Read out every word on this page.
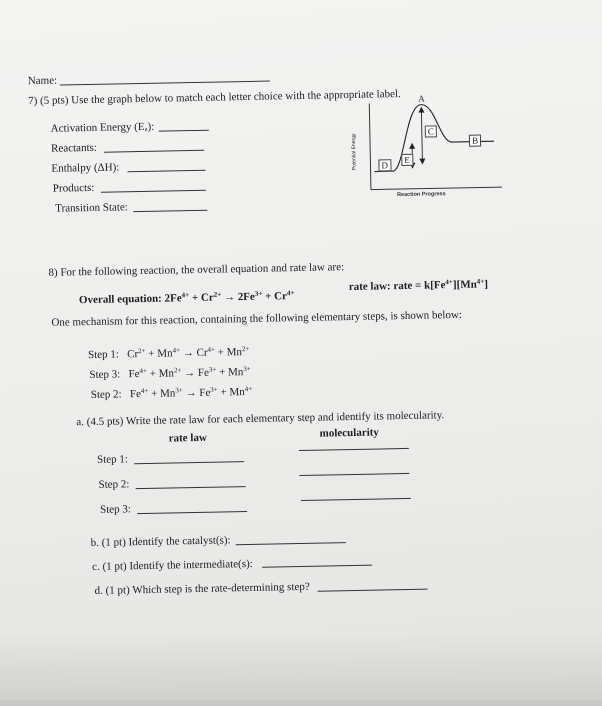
Name:
7) (5 pts) Use the graph below to match each letter choice with the appropriate label.
Activation Energy (Eₐ):
Reactants:
Enthalpy (ΔH):
Products:
Transition State:
Potential Energy
Reaction Progress
A
B
C
D
E
8) For the following reaction, the overall equation and rate law are:
Overall equation: $2Fe^{4+} + Cr^{2+} \to 2Fe^{3+} + Cr^{4+}$
rate law: rate = $k[Fe^{4+}][Mn^{4+}]$
One mechanism for this reaction, containing the following elementary steps, is shown below:
Step 1:   $Cr^{2+} + Mn^{4+} \to Cr^{4+} + Mn^{2+}$
Step 3:   $Fe^{4+} + Mn^{2+} \to Fe^{3+} + Mn^{3+}$
Step 2:   $Fe^{4+} + Mn^{3+} \to Fe^{3+} + Mn^{4+}$
a. (4.5 pts) Write the rate law for each elementary step and identify its molecularity.
rate law	molecularity
Step 1:
Step 2:
Step 3:
b. (1 pt) Identify the catalyst(s):
c. (1 pt) Identify the intermediate(s):
d. (1 pt) Which step is the rate-determining step?
